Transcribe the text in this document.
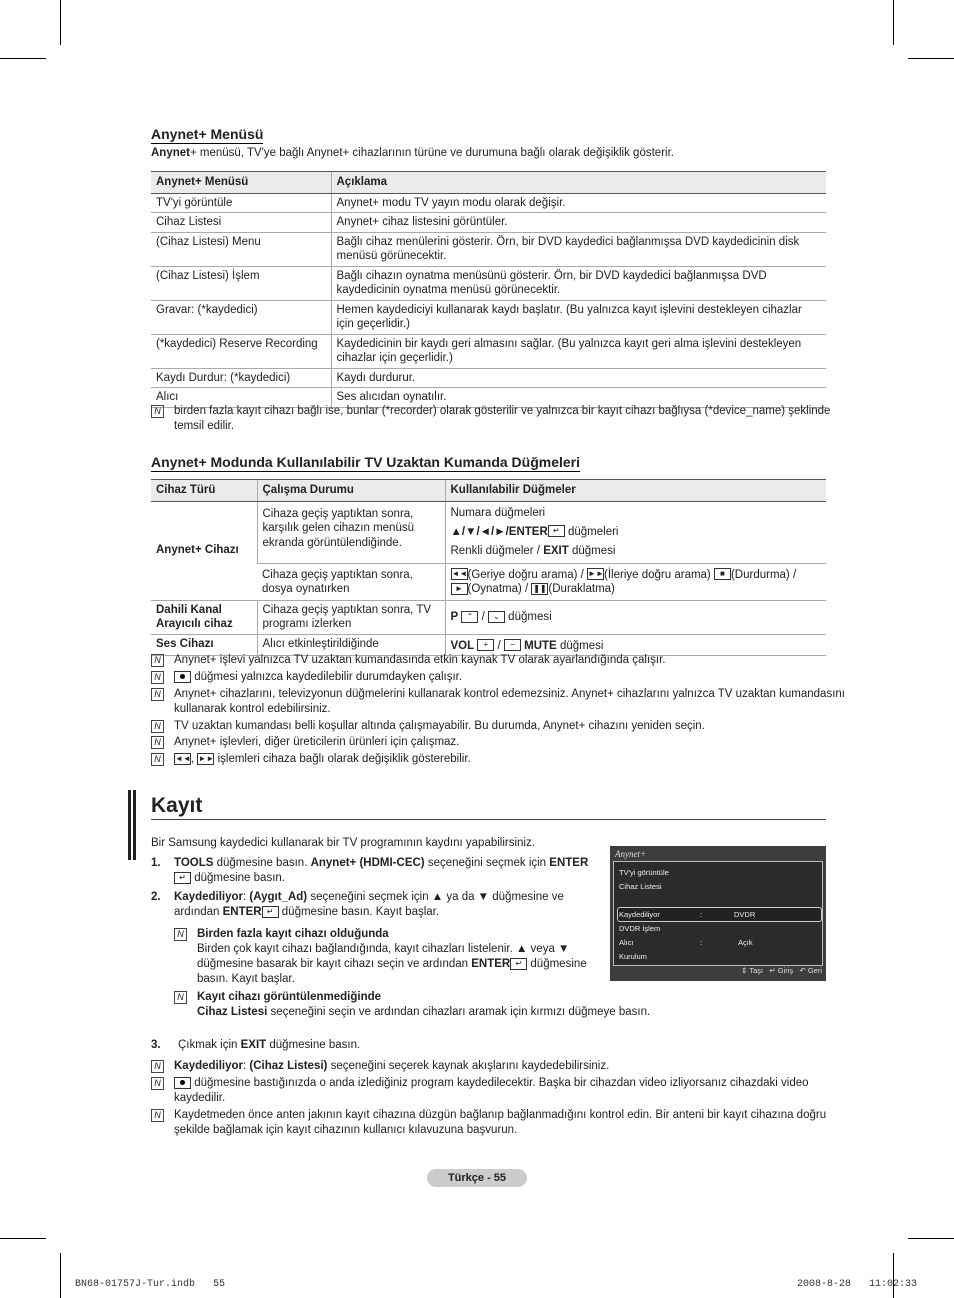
Anynet+ Menüsü
Anynet+ menüsü, TV'ye bağlı Anynet+ cihazlarının türüne ve durumuna bağlı olarak değişiklik gösterir.
Anynet+ Menüsü	Açıklama
TV'yi görüntüle	Anynet+ modu TV yayın modu olarak değişir.
Cihaz Listesi	Anynet+ cihaz listesini görüntüler.
(Cihaz Listesi) Menu	Bağlı cihaz menülerini gösterir. Örn, bir DVD kaydedici bağlanmışsa DVD kaydedicinin disk menüsü görünecektir.
(Cihaz Listesi) İşlem	Bağlı cihazın oynatma menüsünü gösterir. Örn, bir DVD kaydedici bağlanmışsa DVD kaydedicinin oynatma menüsü görünecektir.
Gravar: (*kaydedici)	Hemen kaydediciyi kullanarak kaydı başlatır. (Bu yalnızca kayıt işlevini destekleyen cihazlar için geçerlidir.)
(*kaydedici) Reserve Recording	Kaydedicinin bir kaydı geri almasını sağlar. (Bu yalnızca kayıt geri alma işlevini destekleyen cihazlar için geçerlidir.)
Kaydı Durdur: (*kaydedici)	Kaydı durdurur.
Alıcı	Ses alıcıdan oynatılır.
N birden fazla kayıt cihazı bağlı ise, bunlar (*recorder) olarak gösterilir ve yalnızca bir kayıt cihazı bağlıysa (*device_name) şeklinde temsil edilir.
Anynet+ Modunda Kullanılabilir TV Uzaktan Kumanda Düğmeleri
Cihaz Türü	Çalışma Durumu	Kullanılabilir Düğmeler
Anynet+ Cihazı	Cihaza geçiş yaptıktan sonra, karşılık gelen cihazın menüsü ekranda görüntülendiğinde.	Numara düğmeleri
▲/▼/◄/►/ENTER ↵ düğmeleri
Renkli düğmeler / EXIT düğmesi

	Cihaza geçiş yaptıktan sonra, dosya oynatırken	◄◄(Geriye doğru arama) / ►►(İleriye doğru arama) ■ (Durdurma) /
► (Oynatma) / ❚❚ (Duraklatma)
Dahili Kanal Arayıcılı cihaz	Cihaza geçiş yaptıktan sonra, TV programı izlerken	P ⌃ / ⌄ düğmesi
Ses Cihazı	Alıcı etkinleştirildiğinde	VOL + / − MUTE düğmesi
N Anynet+ işlevi yalnızca TV uzaktan kumandasında etkin kaynak TV olarak ayarlandığında çalışır.
N	düğmesi yalnızca kaydedilebilir durumdayken çalışır.
N Anynet+ cihazlarını, televizyonun düğmelerini kullanarak kontrol edemezsiniz. Anynet+ cihazlarını yalnızca TV uzaktan kumandasını kullanarak kontrol edebilirsiniz.
N TV uzaktan kumandası belli koşullar altında çalışmayabilir. Bu durumda, Anynet+ cihazını yeniden seçin.
N Anynet+ işlevleri, diğer üreticilerin ürünleri için çalışmaz.
N	◄◄, ►► işlemleri cihaza bağlı olarak değişiklik gösterebilir.
Kayıt
Bir Samsung kaydedici kullanarak bir TV programının kaydını yapabilirsiniz.
1. TOOLS düğmesine basın. Anynet+ (HDMI-CEC) seçeneğini seçmek için ENTER↵ düğmesine basın.
2. Kaydediliyor: (Aygıt_Ad) seçeneğini seçmek için ▲ ya da ▼ düğmesine ve ardından ENTER ↵ düğmesine basın. Kayıt başlar.
N Birden fazla kayıt cihazı olduğunda
Birden çok kayıt cihazı bağlandığında, kayıt cihazları listelenir. ▲ veya ▼ düğmesine basarak bir kayıt cihazı seçin ve ardından ENTER ↵ düğmesine basın. Kayıt başlar.
N Kayıt cihazı görüntülenmediğinde
Cihaz Listesi seçeneğini seçin ve ardından cihazları aramak için kırmızı düğmeye basın.
3. Çıkmak için EXIT düğmesine basın.
N Kaydediliyor: (Cihaz Listesi) seçeneğini seçerek kaynak akışlarını kaydedebilirsiniz.
N	düğmesine bastığınızda o anda izlediğiniz program kaydedilecektir. Başka bir cihazdan video izliyorsanız cihazdaki video kaydedilir.
N Kaydetmeden önce anten jakının kayıt cihazına düzgün bağlanıp bağlanmadığını kontrol edin. Bir anteni bir kayıt cihazına doğru şekilde bağlamak için kayıt cihazının kullanıcı kılavuzuna başvurun.
Anynet+
TV'yi görüntüle
Cihaz Listesi
Kaydediliyor	:	DVDR
DVDR İşlem
Alıcı	:	Açık
Kurulum
⇕ Taşı ↵ Giriş ↶ Geri
Türkçe - 55
BN68-01757J-Tur.indb   55	2008-8-28   11:02:33
